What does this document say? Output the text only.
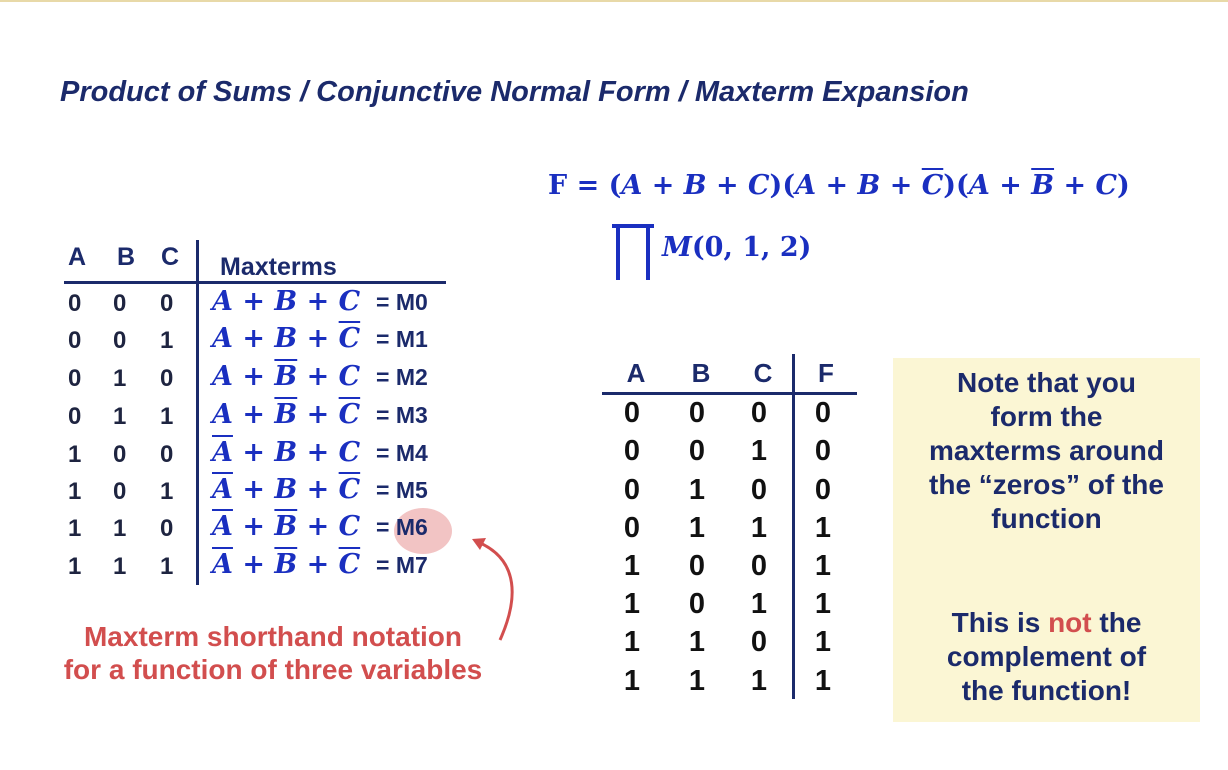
Product of Sums / Conjunctive Normal Form / Maxterm Expansion
$F = (A + B + C)(A + B + \overline{C})(A + \overline{B} + C)$
M(0, 1, 2)
A B C Maxterms
0 0 0 A + B + C = M0
0 0 1 $A + B + \overline{C} = M1$
0 1 0 $A + \overline{B} + C = M2$
0 1 1 $A + \overline{B} + \overline{C} = M3$
1 0 0 $\overline{A} + B + C = M4$
1 0 1 $\overline{A} + B + \overline{C} = M5$
1 1 0 $\overline{A} + \overline{B} + C = M6$
1 1 1 $\overline{A} + \overline{B} + \overline{C} = M7$
Maxterm shorthand notation
for a function of three variables
A	B	C	F
0	0	0	0
0	0	1	0
0	1	0	0
0	1	1	1
1	0	0	1
1	0	1	1
1	1	0	1
1	1	1	1
Note that you
form the
maxterms around
the “zeros” of the
function
This is not the
complement of
the function!
